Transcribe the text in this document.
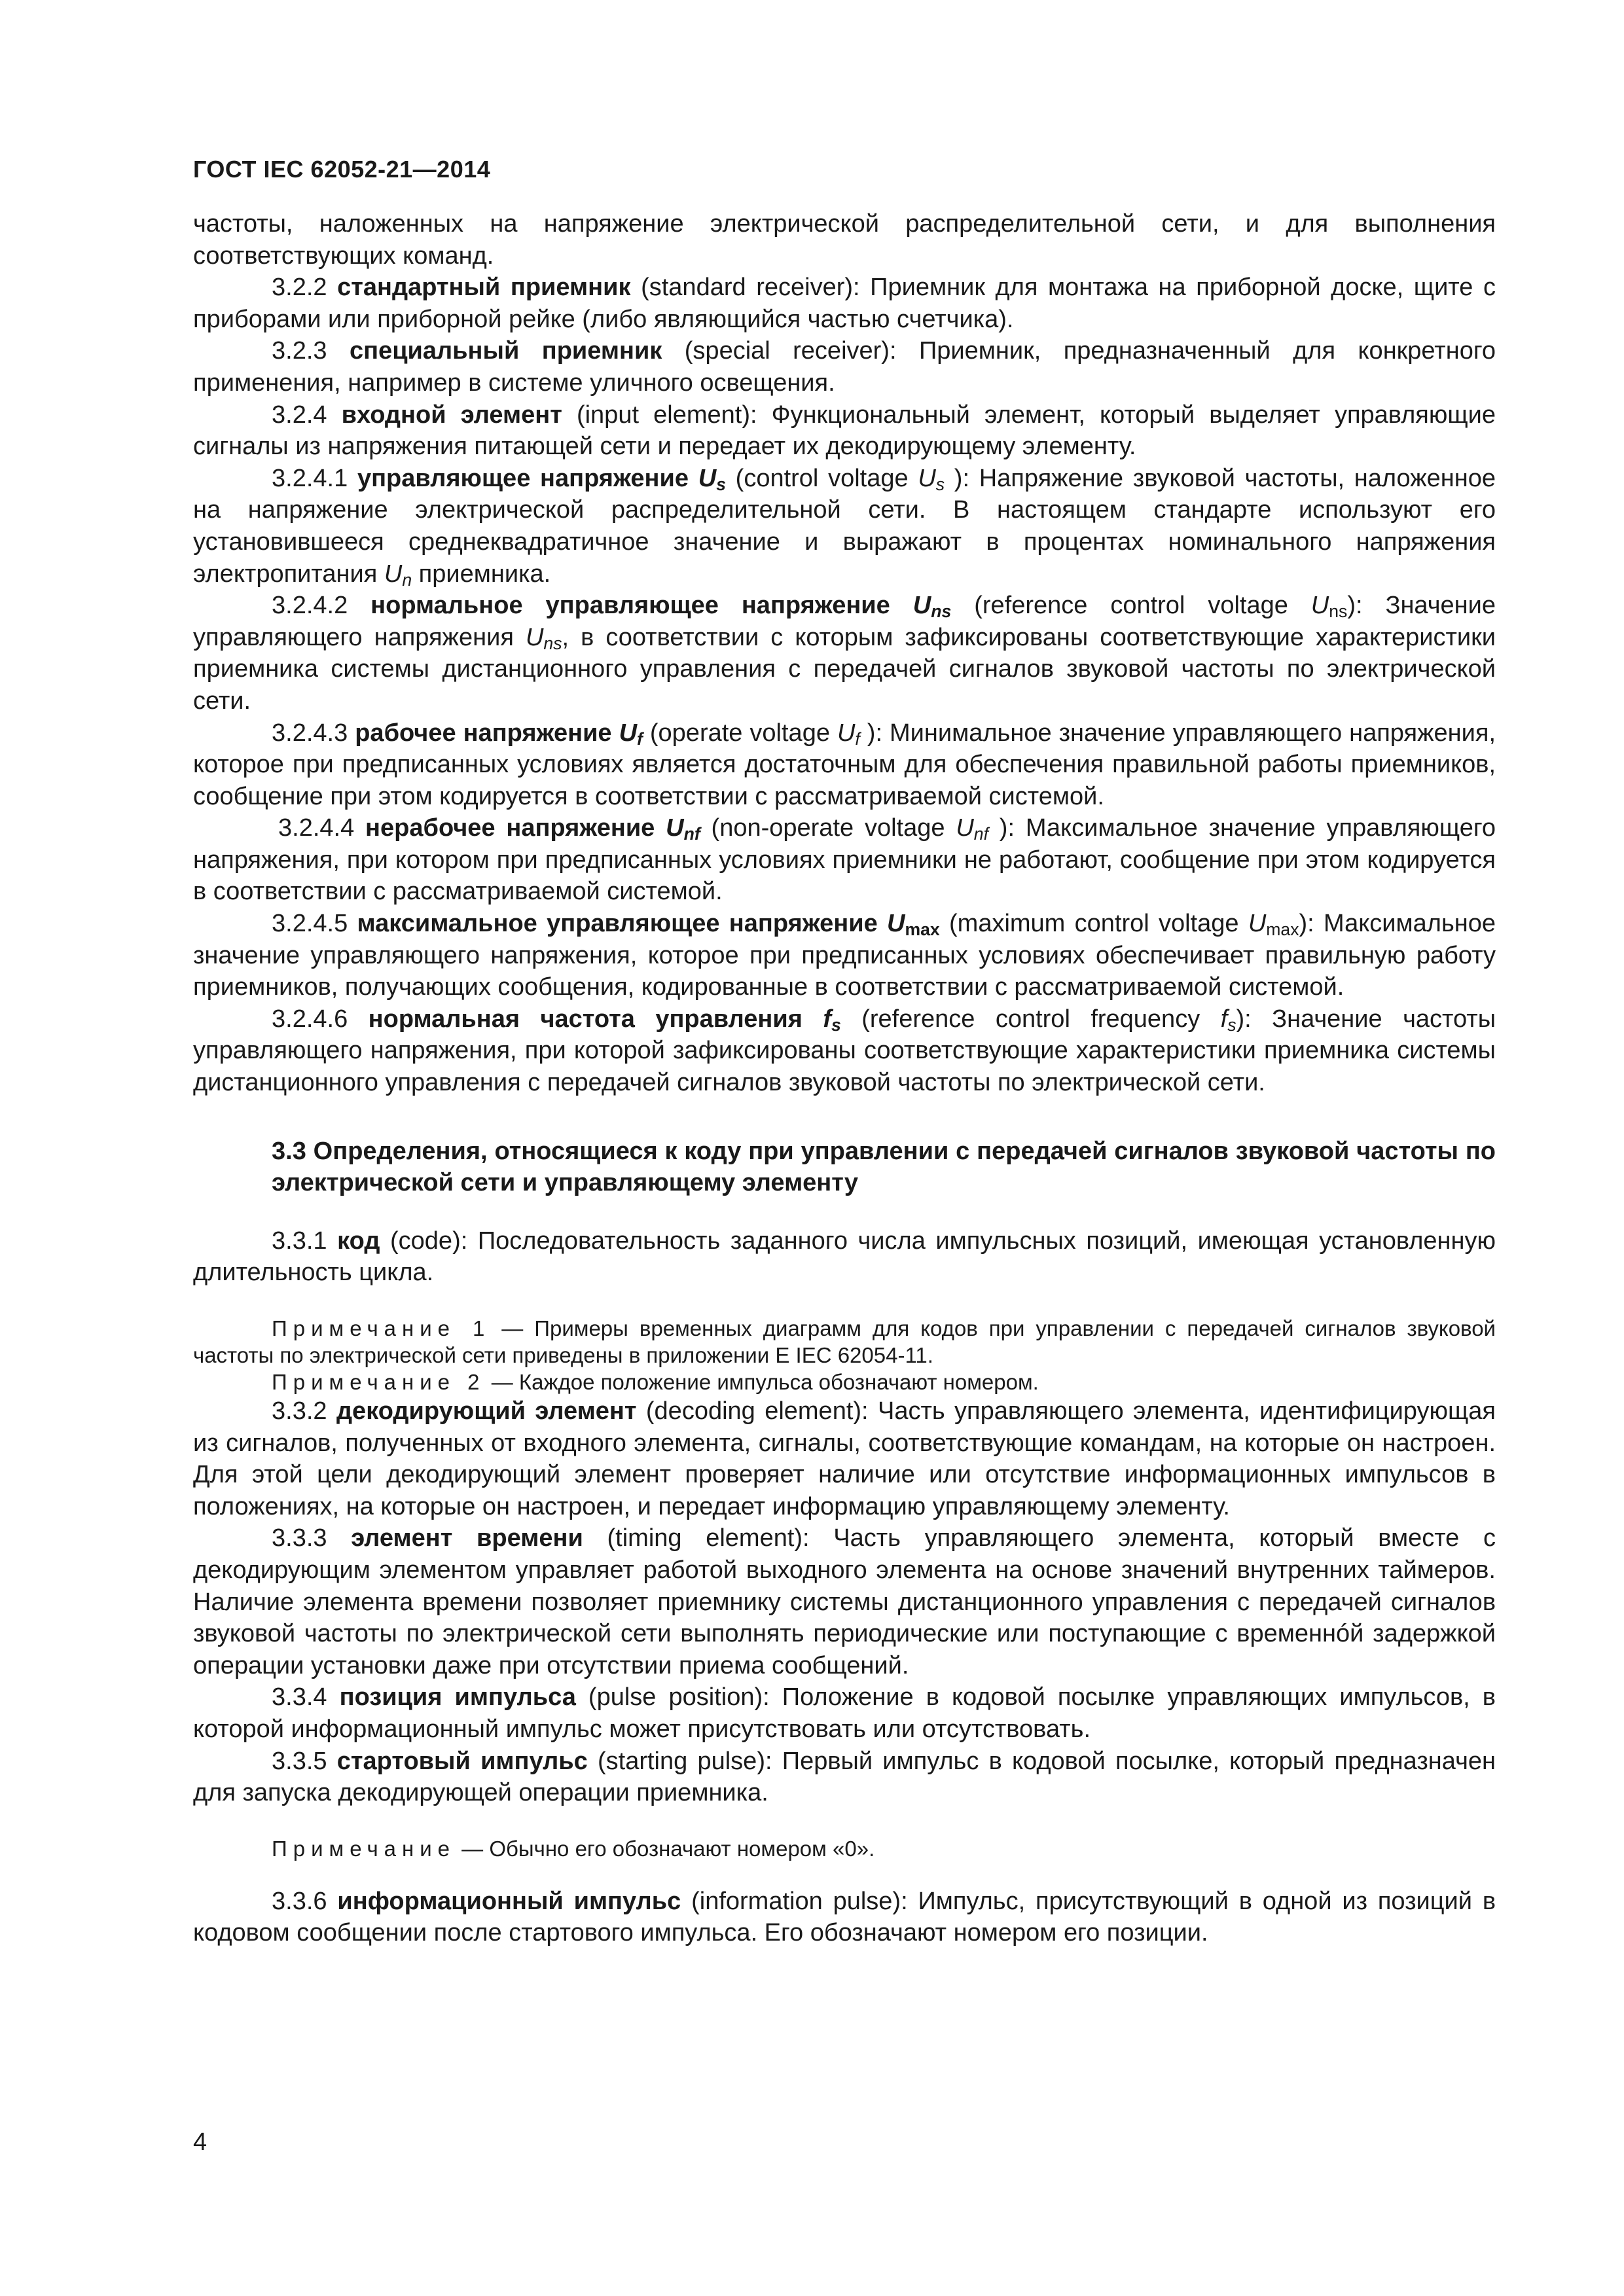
ГОСТ IEC 62052-21—2014

частоты, наложенных на напряжение электрической распределительной сети, и для выполнения соответствующих команд.

3.2.2 стандартный приемник (standard receiver): Приемник для монтажа на приборной доске, щите с приборами или приборной рейке (либо являющийся частью счетчика).

3.2.3 специальный приемник (special receiver): Приемник, предназначенный для конкретного применения, например в системе уличного освещения.

3.2.4 входной элемент (input element): Функциональный элемент, который выделяет управляющие сигналы из напряжения питающей сети и передает их декодирующему элементу.

3.2.4.1 управляющее напряжение $U_s$ (control voltage $U_s$ ): Напряжение звуковой частоты, наложенное на напряжение электрической распределительной сети. В настоящем стандарте используют его установившееся среднеквадратичное значение и выражают в процентах номинального напряжения электропитания $U_n$ приемника.

3.2.4.2 нормальное управляющее напряжение $U_{ns}$ (reference control voltage $U_{ns}$): Значение управляющего напряжения $U_{ns}$, в соответствии с которым зафиксированы соответствующие характеристики приемника системы дистанционного управления с передачей сигналов звуковой частоты по электрической сети.

3.2.4.3 рабочее напряжение $U_f$ (operate voltage $U_f$ ): Минимальное значение управляющего напряжения, которое при предписанных условиях является достаточным для обеспечения правильной работы приемников, сообщение при этом кодируется в соответствии с рассматриваемой системой.

3.2.4.4 нерабочее напряжение $U_{nf}$ (non-operate voltage $U_{nf}$ ): Максимальное значение управляющего напряжения, при котором при предписанных условиях приемники не работают, сообщение при этом кодируется в соответствии с рассматриваемой системой.

3.2.4.5 максимальное управляющее напряжение $U_{max}$ (maximum control voltage $U_{max}$): Максимальное значение управляющего напряжения, которое при предписанных условиях обеспечивает правильную работу приемников, получающих сообщения, кодированные в соответствии с рассматриваемой системой.

3.2.4.6 нормальная частота управления $f_s$ (reference control frequency $f_s$): Значение частоты управляющего напряжения, при которой зафиксированы соответствующие характеристики приемника системы дистанционного управления с передачей сигналов звуковой частоты по электрической сети.

3.3 Определения, относящиеся к коду при управлении с передачей сигналов звуковой частоты по электрической сети и управляющему элементу

3.3.1 код (code): Последовательность заданного числа импульсных позиций, имеющая установленную длительность цикла.

Примечание 1 — Примеры временных диаграмм для кодов при управлении с передачей сигналов звуковой частоты по электрической сети приведены в приложении E IEC 62054-11.

Примечание 2 — Каждое положение импульса обозначают номером.

3.3.2 декодирующий элемент (decoding element): Часть управляющего элемента, идентифицирующая из сигналов, полученных от входного элемента, сигналы, соответствующие командам, на которые он настроен. Для этой цели декодирующий элемент проверяет наличие или отсутствие информационных импульсов в положениях, на которые он настроен, и передает информацию управляющему элементу.

3.3.3 элемент времени (timing element): Часть управляющего элемента, который вместе с декодирующим элементом управляет работой выходного элемента на основе значений внутренних таймеров. Наличие элемента времени позволяет приемнику системы дистанционного управления с передачей сигналов звуковой частоты по электрической сети выполнять периодические или поступающие с временнóй задержкой операции установки даже при отсутствии приема сообщений.

3.3.4 позиция импульса (pulse position): Положение в кодовой посылке управляющих импульсов, в которой информационный импульс может присутствовать или отсутствовать.

3.3.5 стартовый импульс (starting pulse): Первый импульс в кодовой посылке, который предназначен для запуска декодирующей операции приемника.

Примечание — Обычно его обозначают номером «0».

3.3.6 информационный импульс (information pulse): Импульс, присутствующий в одной из позиций в кодовом сообщении после стартового импульса. Его обозначают номером его позиции.

4
